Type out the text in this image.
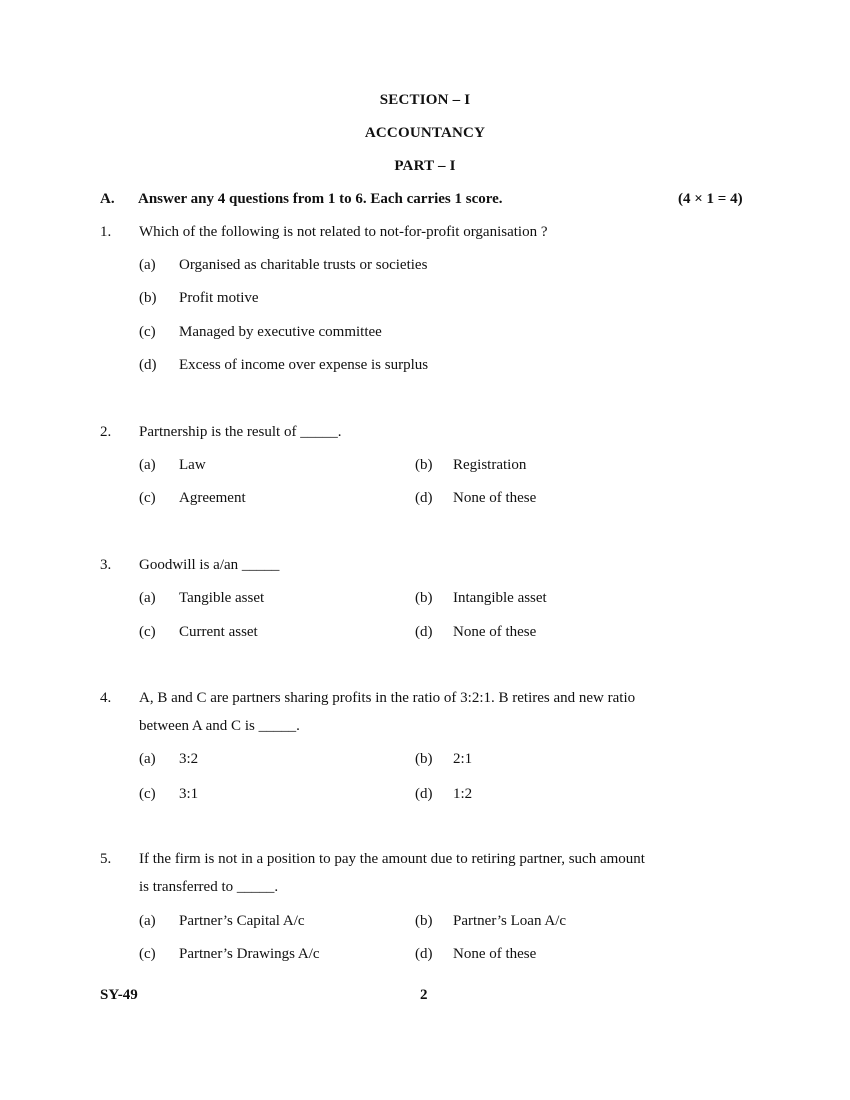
SECTION – I
ACCOUNTANCY
PART – I
A. Answer any 4 questions from 1 to 6. Each carries 1 score.	(4 × 1 = 4)
1. Which of the following is not related to not-for-profit organisation ?
(a) Organised as charitable trusts or societies
(b) Profit motive
(c) Managed by executive committee
(d) Excess of income over expense is surplus
2. Partnership is the result of _____.
(a) Law	(b) Registration
(c) Agreement	(d) None of these
3. Goodwill is a/an _____
(a) Tangible asset	(b) Intangible asset
(c) Current asset	(d) None of these
4. A, B and C are partners sharing profits in the ratio of 3:2:1. B retires and new ratio
between A and C is _____.
(a) 3:2	(b) 2:1
(c) 3:1	(d) 1:2
5. If the firm is not in a position to pay the amount due to retiring partner, such amount
is transferred to _____.
(a) Partner’s Capital A/c	(b) Partner’s Loan A/c
(c) Partner’s Drawings A/c	(d) None of these
SY-49	2
